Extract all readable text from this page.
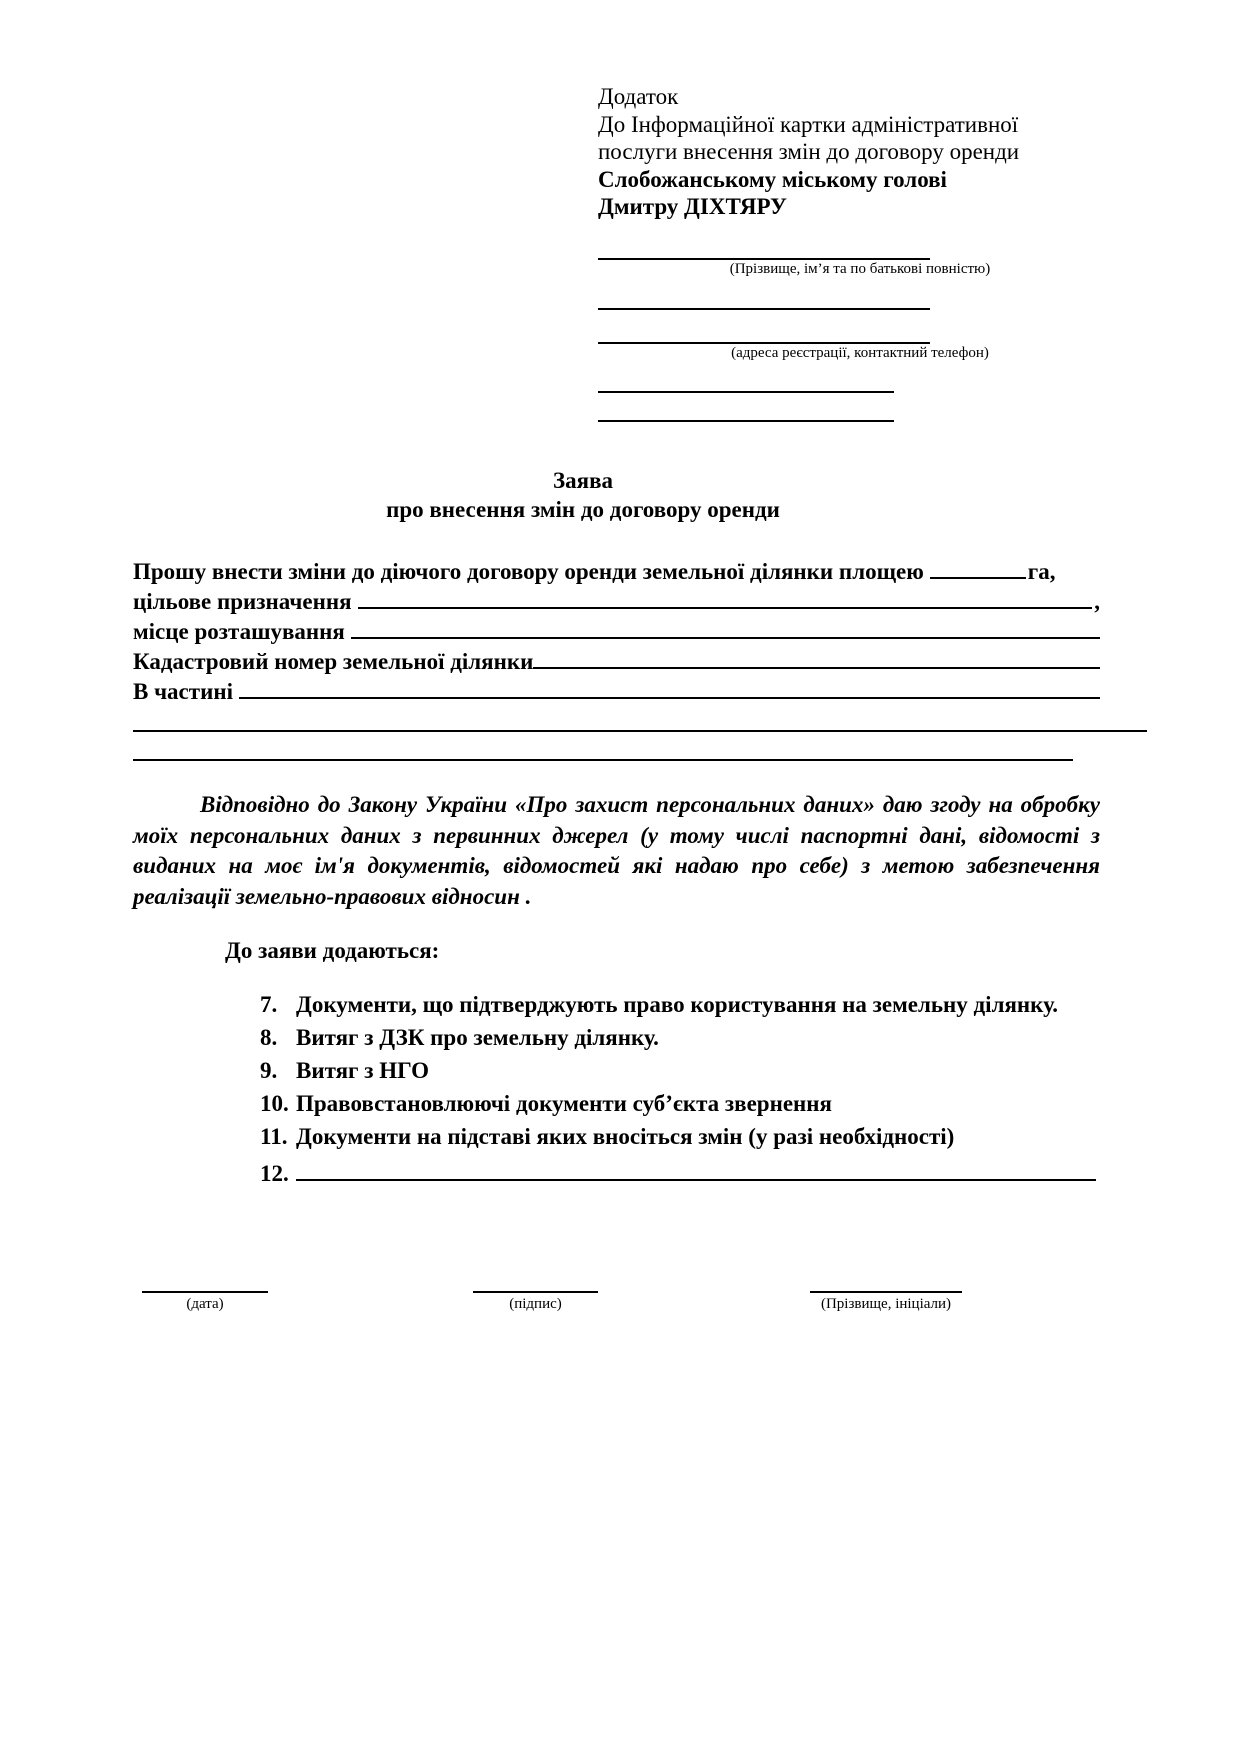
Додаток
До Інформаційної картки адміністративної
послуги внесення змін до договору оренди
Слобожанському міському голові
Дмитру ДІХТЯРУ
(Прізвище, ім’я та по батькові повністю)
(адреса реєстрації, контактний телефон)
Заява
про внесення змін до договору оренди
Прошу внести зміни до діючого договору оренди земельної ділянки площею	га,
цільове призначення	,
місце розташування
Кадастровий номер земельної ділянки
В частині
Відповідно до Закону України «Про захист персональних даних» даю згоду на обробку моїх персональних даних з первинних джерел (у тому числі паспортні дані, відомості з виданих на моє ім'я документів, відомостей які надаю про себе) з метою забезпечення реалізації земельно-правових відносин .
До заяви додаються:
7. Документи, що підтверджують право користування на земельну ділянку.
8. Витяг з ДЗК про земельну ділянку.
9. Витяг з НГО
10. Правовстановлюючі документи суб’єкта звернення
11. Документи на підставі яких вносіться змін (у разі необхідності)
12.
(дата)	(підпис)	(Прізвище, ініціали)
